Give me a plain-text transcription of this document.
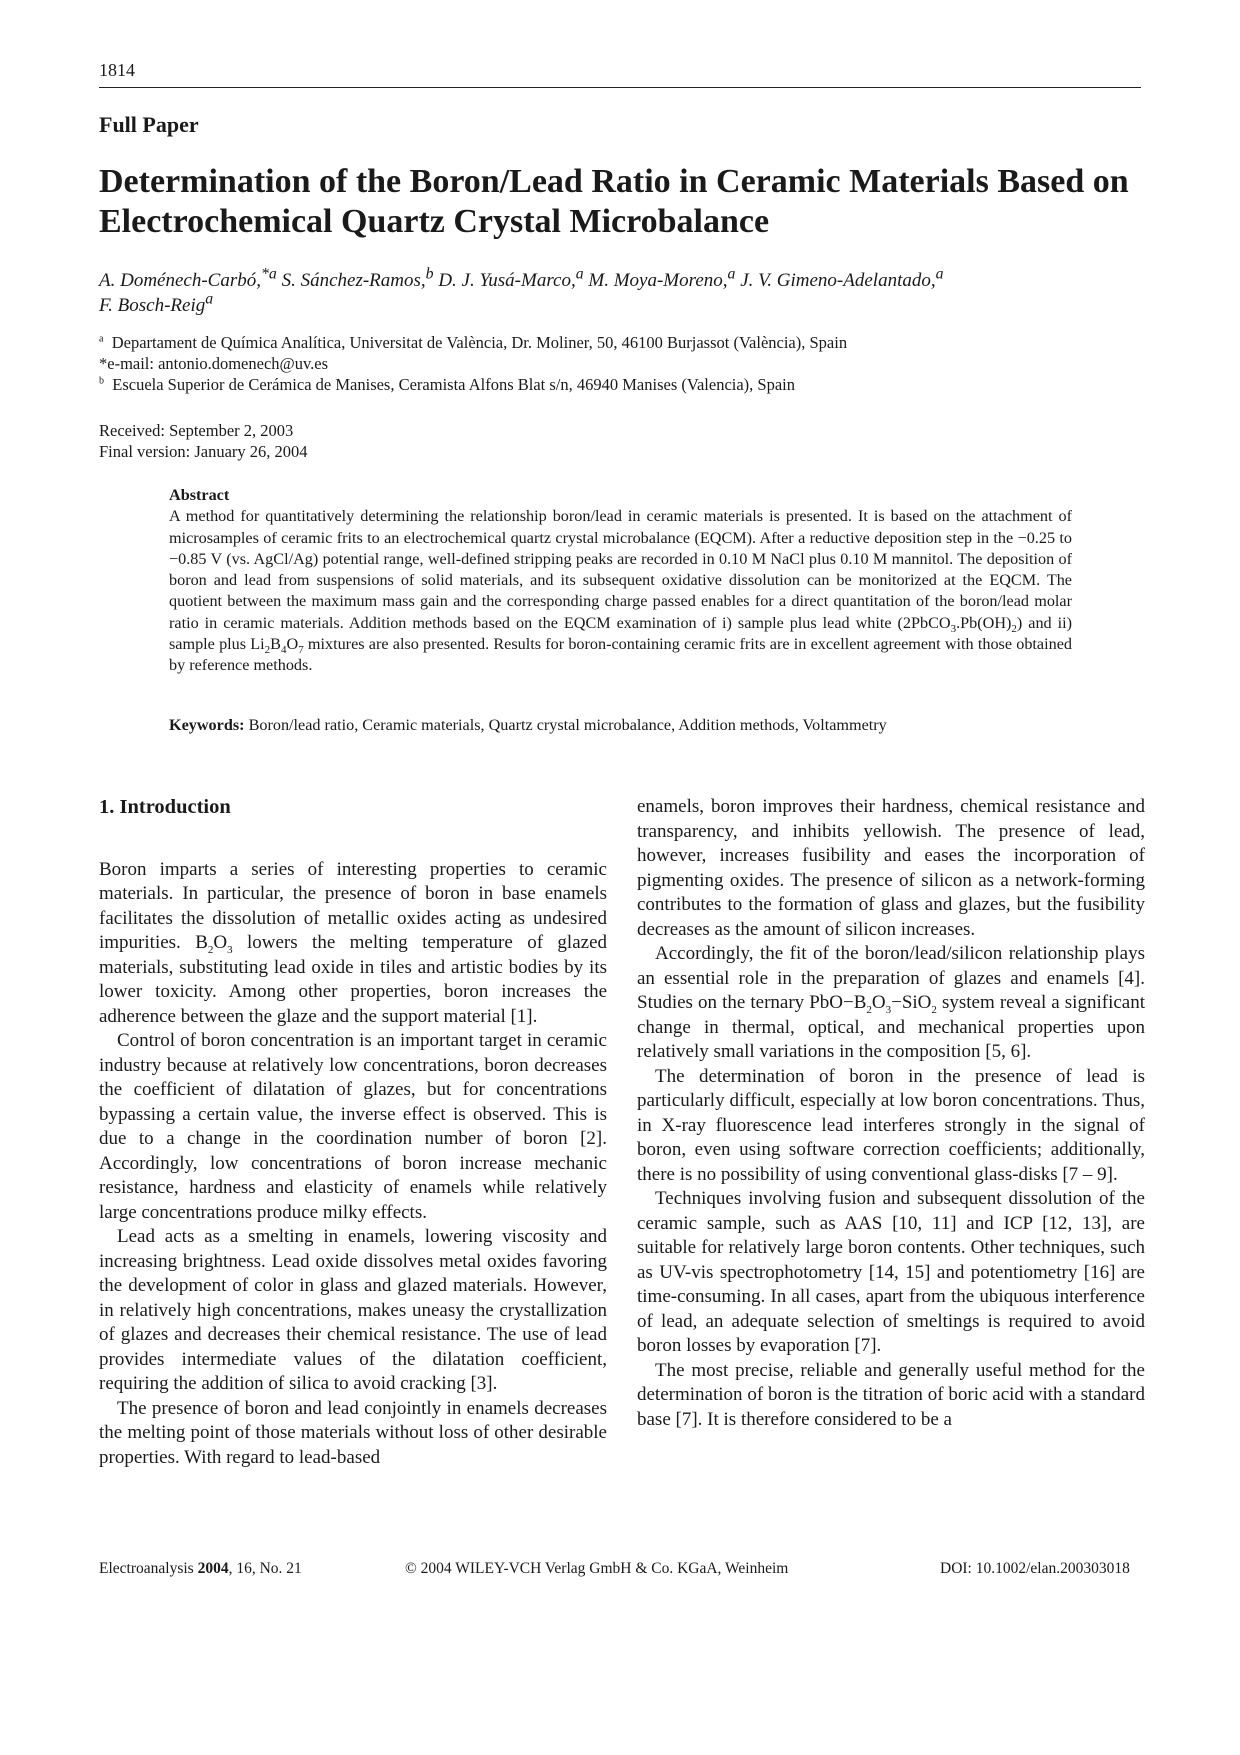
1814
Full Paper
Determination of the Boron/Lead Ratio in Ceramic Materials Based on Electrochemical Quartz Crystal Microbalance
A. Doménech-Carbó,$^{*a}$ S. Sánchez-Ramos,$^b$ D. J. Yusá-Marco,$^a$ M. Moya-Moreno,$^a$ J. V. Gimeno-Adelantado,$^a$
F. Bosch-Reig$^a$
$^a$ Departament de Química Analítica, Universitat de València, Dr. Moliner, 50, 46100 Burjassot (València), Spain
*e-mail: antonio.domenech@uv.es
$^b$ Escuela Superior de Cerámica de Manises, Ceramista Alfons Blat s/n, 46940 Manises (Valencia), Spain
Received: September 2, 2003
Final version: January 26, 2004
Abstract
A method for quantitatively determining the relationship boron/lead in ceramic materials is presented. It is based on the attachment of microsamples of ceramic frits to an electrochemical quartz crystal microbalance (EQCM). After a reductive deposition step in the −0.25 to −0.85 V (vs. AgCl/Ag) potential range, well-defined stripping peaks are recorded in 0.10 M NaCl plus 0.10 M mannitol. The deposition of boron and lead from suspensions of solid materials, and its subsequent oxidative dissolution can be monitorized at the EQCM. The quotient between the maximum mass gain and the corresponding charge passed enables for a direct quantitation of the boron/lead molar ratio in ceramic materials. Addition methods based on the EQCM examination of i) sample plus lead white $(2PbCO_3.Pb(OH)_2)$ and ii) sample plus $Li_2B_4O_7$ mixtures are also presented. Results for boron-containing ceramic frits are in excellent agreement with those obtained by reference methods.
Keywords: Boron/lead ratio, Ceramic materials, Quartz crystal microbalance, Addition methods, Voltammetry
1. Introduction

Boron imparts a series of interesting properties to ceramic materials. In particular, the presence of boron in base enamels facilitates the dissolution of metallic oxides acting as undesired impurities. $B_2O_3$ lowers the melting temperature of glazed materials, substituting lead oxide in tiles and artistic bodies by its lower toxicity. Among other properties, boron increases the adherence between the glaze and the support material [1].

Control of boron concentration is an important target in ceramic industry because at relatively low concentrations, boron decreases the coefficient of dilatation of glazes, but for concentrations bypassing a certain value, the inverse effect is observed. This is due to a change in the coordination number of boron [2]. Accordingly, low concentrations of boron increase mechanic resistance, hardness and elasticity of enamels while relatively large concentrations produce milky effects.

Lead acts as a smelting in enamels, lowering viscosity and increasing brightness. Lead oxide dissolves metal oxides favoring the development of color in glass and glazed materials. However, in relatively high concentrations, makes uneasy the crystallization of glazes and decreases their chemical resistance. The use of lead provides intermediate values of the dilatation coefficient, requiring the addition of silica to avoid cracking [3].

The presence of boron and lead conjointly in enamels decreases the melting point of those materials without loss of other desirable properties. With regard to lead-based

enamels, boron improves their hardness, chemical resistance and transparency, and inhibits yellowish. The presence of lead, however, increases fusibility and eases the incorporation of pigmenting oxides. The presence of silicon as a network-forming contributes to the formation of glass and glazes, but the fusibility decreases as the amount of silicon increases.

Accordingly, the fit of the boron/lead/silicon relationship plays an essential role in the preparation of glazes and enamels [4]. Studies on the ternary $PbO-B_2O_3-SiO_2$ system reveal a significant change in thermal, optical, and mechanical properties upon relatively small variations in the composition [5, 6].

The determination of boron in the presence of lead is particularly difficult, especially at low boron concentrations. Thus, in X-ray fluorescence lead interferes strongly in the signal of boron, even using software correction coefficients; additionally, there is no possibility of using conventional glass-disks [7 – 9].

Techniques involving fusion and subsequent dissolution of the ceramic sample, such as AAS [10, 11] and ICP [12, 13], are suitable for relatively large boron contents. Other techniques, such as UV-vis spectrophotometry [14, 15] and potentiometry [16] are time-consuming. In all cases, apart from the ubiquous interference of lead, an adequate selection of smeltings is required to avoid boron losses by evaporation [7].

The most precise, reliable and generally useful method for the determination of boron is the titration of boric acid with a standard base [7]. It is therefore considered to be a

Electroanalysis 2004, 16, No. 21	© 2004 WILEY-VCH Verlag GmbH & Co. KGaA, Weinheim	DOI: 10.1002/elan.200303018
